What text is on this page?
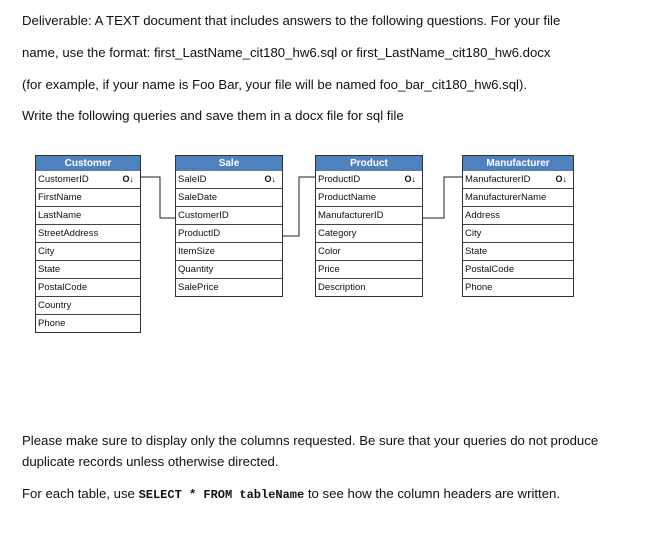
Deliverable: A TEXT document that includes answers to the following questions. For your file

name, use the format: first_LastName_cit180_hw6.sql or first_LastName_cit180_hw6.docx

(for example, if your name is Foo Bar, your file will be named foo_bar_cit180_hw6.sql).

Write the following queries and save them in a docx file for sql file

Customer
CustomerID	O↓
FirstName
LastName
StreetAddress
City
State
PostalCode
Country
Phone
Sale
SaleID	O↓
SaleDate
CustomerID
ProductID
ItemSize
Quantity
SalePrice
Product
ProductID	O↓
ProductName
ManufacturerID
Category
Color
Price
Description
Manufacturer
ManufacturerID	O↓
ManufacturerName
Address
City
State
PostalCode
Phone
Please make sure to display only the columns requested. Be sure that your queries do not produce
duplicate records unless otherwise directed.
For each table, use SELECT * FROM tableName to see how the column headers are written.
